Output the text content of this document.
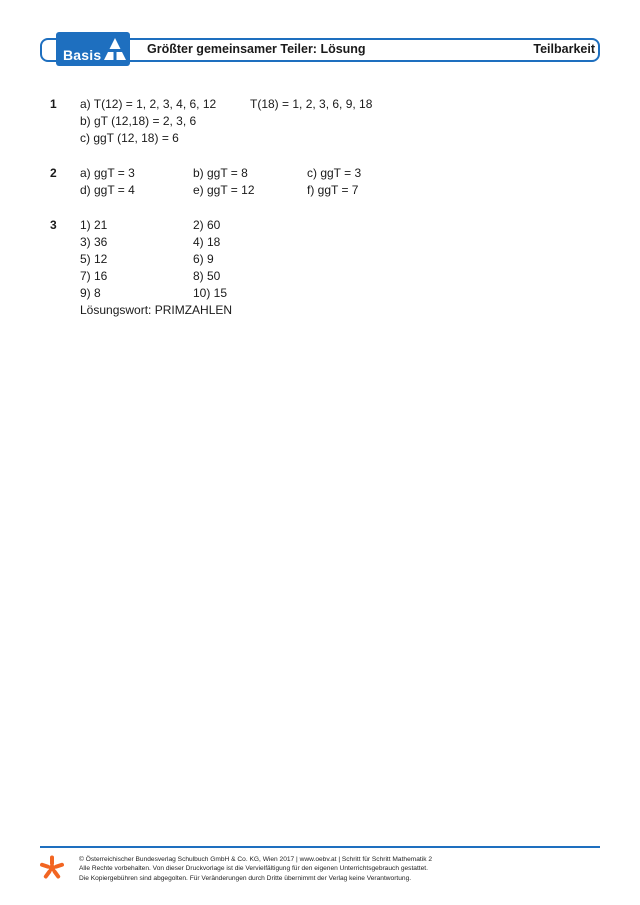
Basis	Größter gemeinsamer Teiler: Lösung	Teilbarkeit
1 a) T(12) = 1, 2, 3, 4, 6, 12	T(18) = 1, 2, 3, 6, 9, 18
b) gT (12,18) = 2, 3, 6
c) ggT (12, 18) = 6
2 a) ggT = 3	b) ggT = 8	c) ggT = 3
d) ggT = 4	e) ggT = 12	f) ggT = 7
3 1) 21	2) 60
3) 36	4) 18
5) 12	6) 9
7) 16	8) 50
9) 8	10) 15
Lösungswort: PRIMZAHLEN
© Österreichischer Bundesverlag Schulbuch GmbH & Co. KG, Wien 2017 | www.oebv.at | Schritt für Schritt Mathematik 2
Alle Rechte vorbehalten. Von dieser Druckvorlage ist die Vervielfältigung für den eigenen Unterrichtsgebrauch gestattet.
Die Kopiergebühren sind abgegolten. Für Veränderungen durch Dritte übernimmt der Verlag keine Verantwortung.
